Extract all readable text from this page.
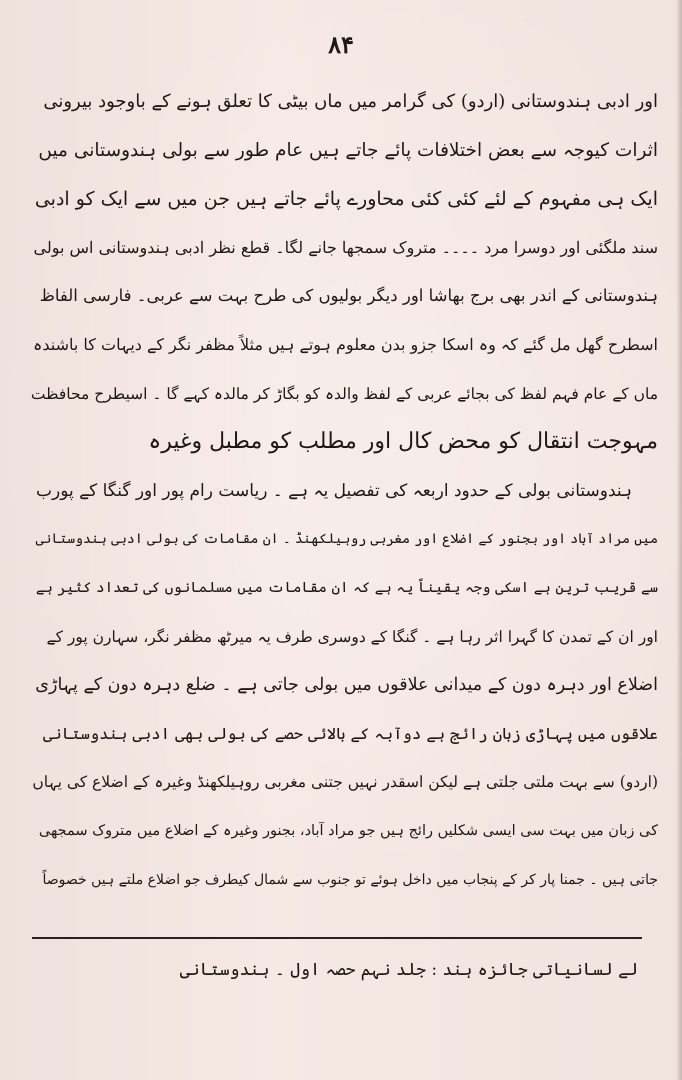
۸۴
اور ادبی ہندوستانی (اردو) کی گرامر میں ماں بیٹی کا تعلق ہونے کے باوجود بیرونی
اثرات کیوجہ سے بعض اختلافات پائے جاتے ہیں عام طور سے بولی ہندوستانی میں
ایک ہی مفہوم کے لئے کئی کئی محاورے پائے جاتے ہیں جن میں سے ایک کو ادبی
سند ملگئی اور دوسرا مرد ۔۔۔۔ متروک سمجھا جانے لگا۔ قطع نظر ادبی ہندوستانی اس بولی
ہندوستانی کے اندر بھی برج بھاشا اور دیگر بولیوں کی طرح بہت سے عربی۔ فارسی الفاظ
اسطرح گھل مل گئے کہ وہ اسکا جزو بدن معلوم ہوتے ہیں مثلاً مظفر نگر کے دیہات کا باشندہ
ماں کے عام فہم لفظ کی بجائے عربی کے لفظ والدہ کو بگاڑ کر مالدہ کہے گا ۔ اسیطرح محافظت
مہوجت انتقال کو محض کال اور مطلب کو مطبل وغیرہ
ہندوستانی بولی کے حدود اربعہ کی تفصیل یہ ہے ۔ ریاست رام پور اور گنگا کے پورب
میں مراد آباد اور بجنور کے اضلاع اور مغربی روہیلکھنڈ ۔ ان مقامات کی بولی ادبی ہندوستانی
سے قریب ترین ہے اسکی وجہ یقیناً یہ ہے کہ ان مقامات میں مسلمانوں کی تعداد کثیر ہے
اور ان کے تمدن کا گہرا اثر رہا ہے ۔ گنگا کے دوسری طرف یہ میرٹھ مظفر نگر، سہارن پور کے
اضلاع اور دہرہ دون کے میدانی علاقوں میں بولی جاتی ہے ۔ ضلع دہرہ دون کے پہاڑی
علاقوں میں پہاڑی زبان رائج ہے دوآبہ کے بالائی حصے کی بولی بھی ادبی ہندوستانی
(اردو) سے بہت ملتی جلتی ہے لیکن اسقدر نہیں جتنی مغربی روہیلکھنڈ وغیرہ کے اضلاع کی یہاں
کی زبان میں بہت سی ایسی شکلیں رائج ہیں جو مراد آباد، بجنور وغیرہ کے اضلاع میں متروک سمجھی
جاتی ہیں ۔ جمنا پار کر کے پنجاب میں داخل ہوئے تو جنوب سے شمال کیطرف جو اضلاع ملتے ہیں خصوصاً
لے لسانیاتی جائزہ ہند : جلد نہم حصہ اول ۔ ہندوستانی
